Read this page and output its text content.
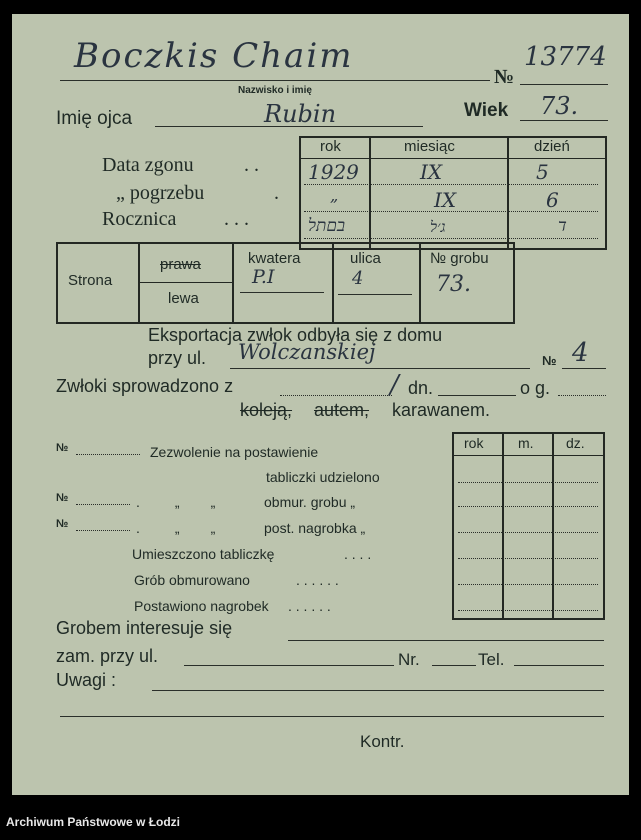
Boczkis Chaim
№
13774
Nazwisko i imię
Imię ojca	Rubin	Wiek 73.
Data zgonu	. .
„ pogrzebu	.
Rocznica . . .
rok	miesiąc	dzień
1929	IX	5
„	IX	6
בםתל	ג׳ל	ד
Strona
prawa
lewa
kwatera
P.I
ulica
4
№ grobu
73.
Eksportacja zwłok odbyła się z domu
przy ul. Wolczanskiej	№ 4
Zwłoki sprowadzono z	/ dn.	o g.
koleją, autem, karawanem.
№	Zezwolenie na postawienie
tabliczki udzielono
№	.         „        „	obmur. grobu „
№	.         „        „	post. nagrobka „
Umieszczono tabliczkę	. . . .
Grób obmurowano	. . . . . .
Postawiono nagrobek . . . . . .
rok m. dz.
Grobem interesuje się
zam. przy ul.	Nr.	Tel.
Uwagi :
Kontr.
Archiwum Państwowe w Łodzi
